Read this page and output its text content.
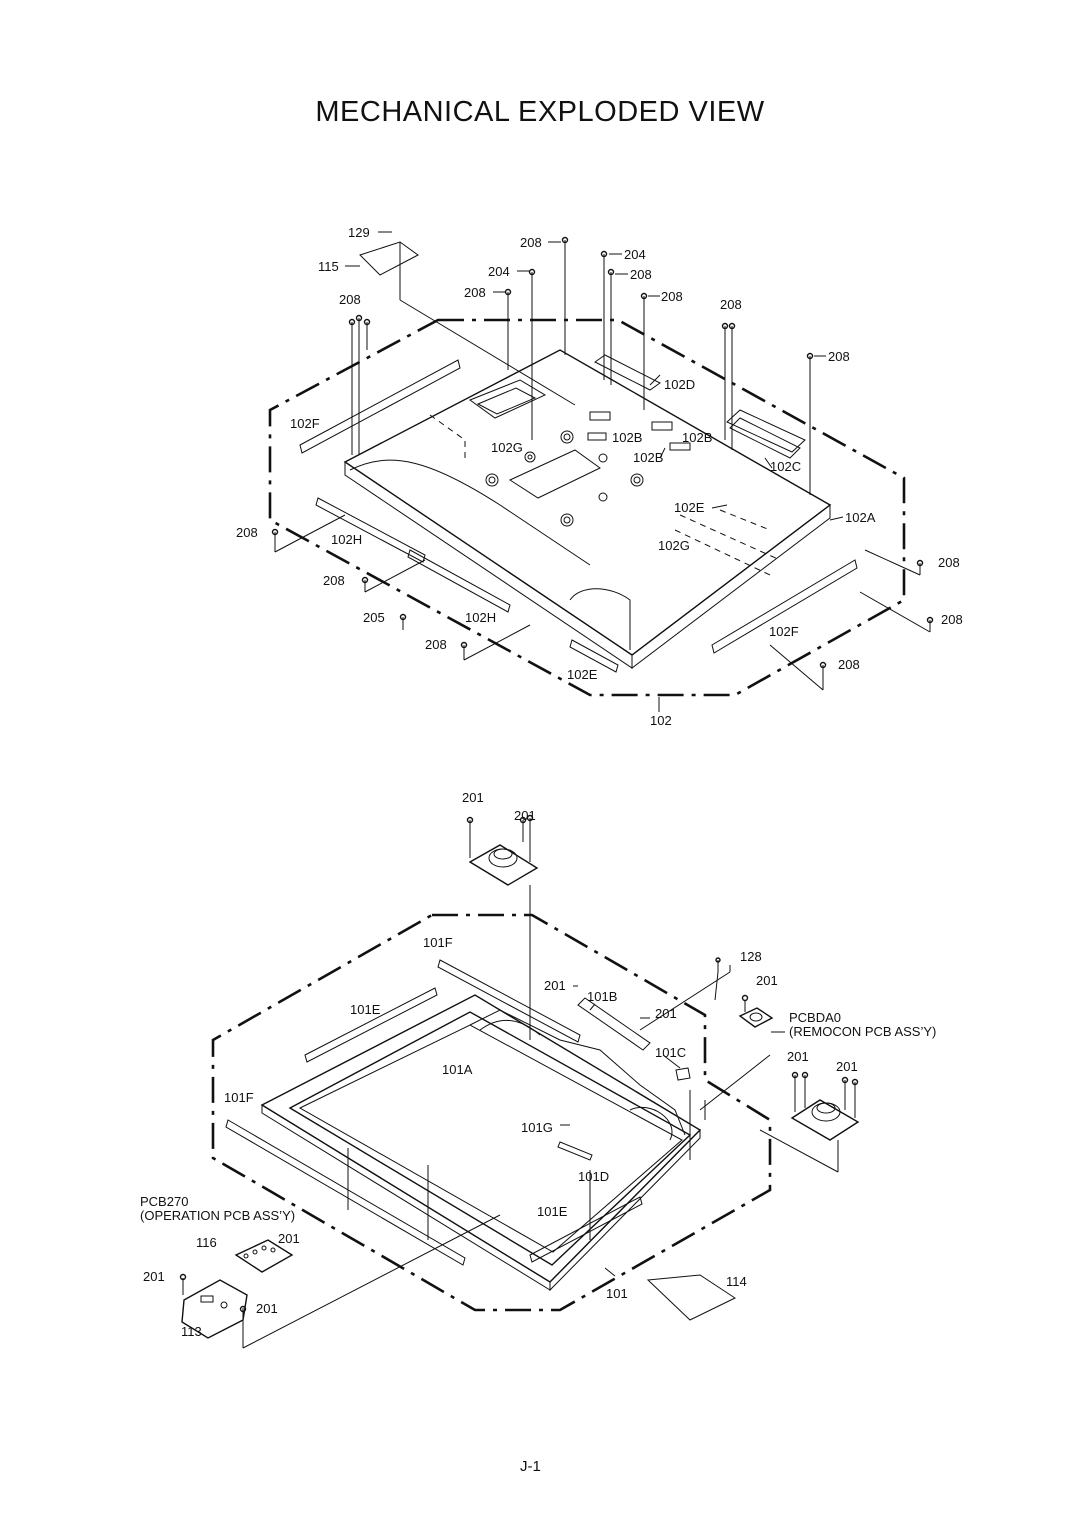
MECHANICAL EXPLODED VIEW
129
115
208
204
204	208
208	208
208	208
208
102D
102F
102B	102B
102G
102B
102C
102E
102A
208	102H	102G
208
208
205	102H	208
102F
208
208
102E
102
201
201
101F
128
201	201
101B
101E	201	PCBDA0
(REMOCON PCB ASS’Y)
101C	201
201
101A
101F
101G
101D
PCB270
(OPERATION PCB ASS’Y)	101E
116	201
201	114
101
201
113
J-1
